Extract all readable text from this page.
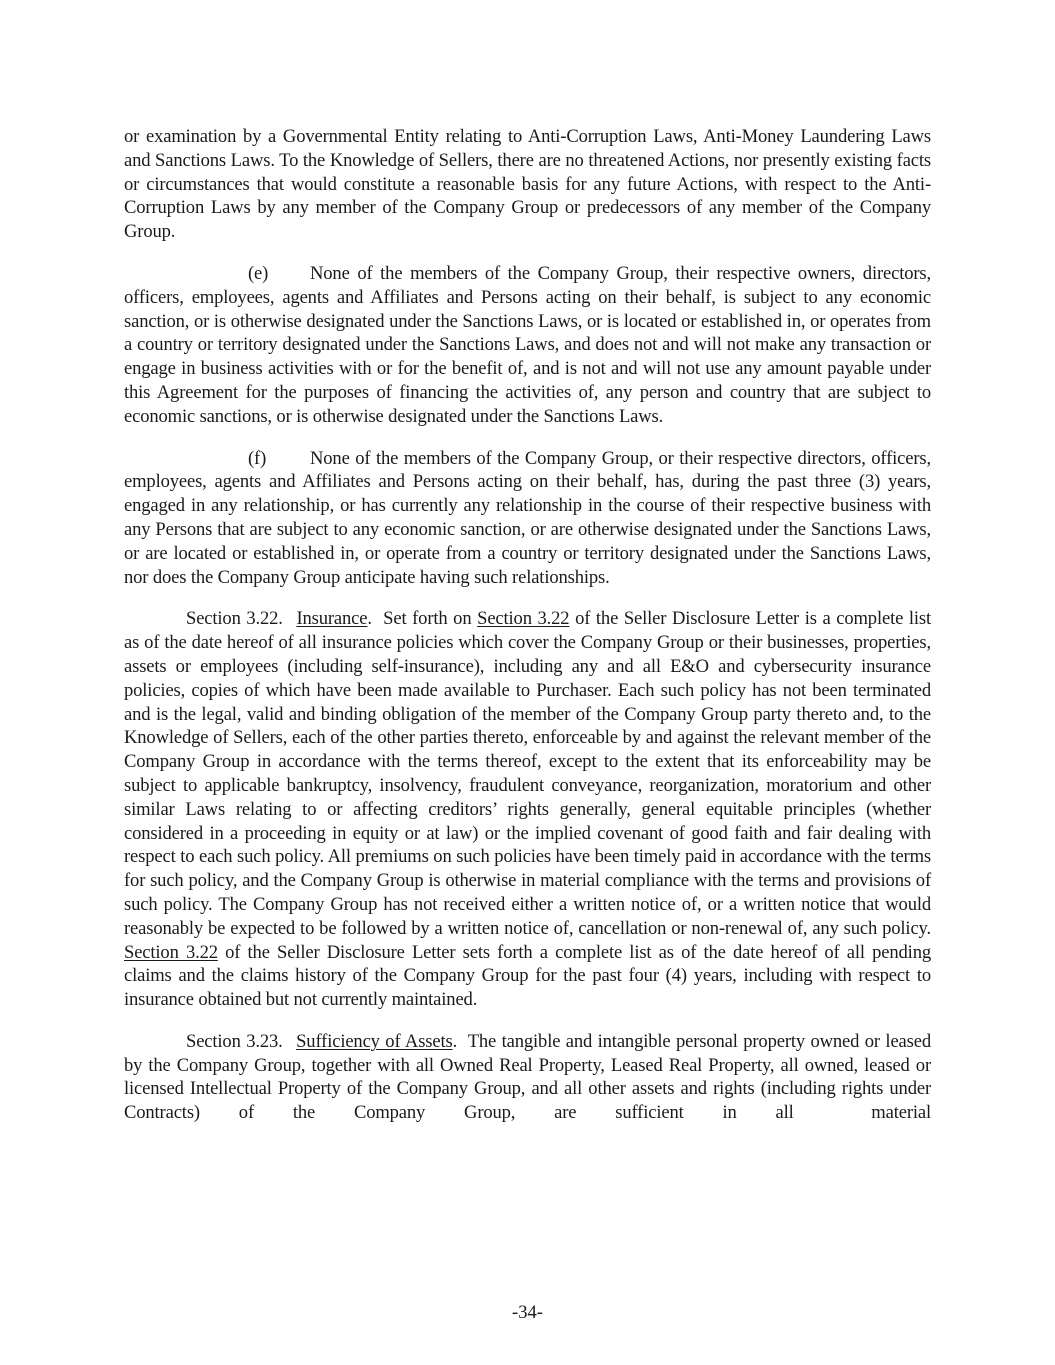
or examination by a Governmental Entity relating to Anti-Corruption Laws, Anti-Money Laundering Laws and Sanctions Laws. To the Knowledge of Sellers, there are no threatened Actions, nor presently existing facts or circumstances that would constitute a reasonable basis for any future Actions, with respect to the Anti-Corruption Laws by any member of the Company Group or predecessors of any member of the Company Group.

(e) None of the members of the Company Group, their respective owners, directors, officers, employees, agents and Affiliates and Persons acting on their behalf, is subject to any economic sanction, or is otherwise designated under the Sanctions Laws, or is located or established in, or operates from a country or territory designated under the Sanctions Laws, and does not and will not make any transaction or engage in business activities with or for the benefit of, and is not and will not use any amount payable under this Agreement for the purposes of financing the activities of, any person and country that are subject to economic sanctions, or is otherwise designated under the Sanctions Laws.

(f) None of the members of the Company Group, or their respective directors, officers, employees, agents and Affiliates and Persons acting on their behalf, has, during the past three (3) years, engaged in any relationship, or has currently any relationship in the course of their respective business with any Persons that are subject to any economic sanction, or are otherwise designated under the Sanctions Laws, or are located or established in, or operate from a country or territory designated under the Sanctions Laws, nor does the Company Group anticipate having such relationships.

Section 3.22. Insurance.  Set forth on Section 3.22 of the Seller Disclosure Letter is a complete list as of the date hereof of all insurance policies which cover the Company Group or their businesses, properties, assets or employees (including self-insurance), including any and all E&O and cybersecurity insurance policies, copies of which have been made available to Purchaser. Each such policy has not been terminated and is the legal, valid and binding obligation of the member of the Company Group party thereto and, to the Knowledge of Sellers, each of the other parties thereto, enforceable by and against the relevant member of the Company Group in accordance with the terms thereof, except to the extent that its enforceability may be subject to applicable bankruptcy, insolvency, fraudulent conveyance, reorganization, moratorium and other similar Laws relating to or affecting creditors’ rights generally, general equitable principles (whether considered in a proceeding in equity or at law) or the implied covenant of good faith and fair dealing with respect to each such policy. All premiums on such policies have been timely paid in accordance with the terms for such policy, and the Company Group is otherwise in material compliance with the terms and provisions of such policy. The Company Group has not received either a written notice of, or a written notice that would reasonably be expected to be followed by a written notice of, cancellation or non-renewal of, any such policy. Section 3.22 of the Seller Disclosure Letter sets forth a complete list as of the date hereof of all pending claims and the claims history of the Company Group for the past four (4) years, including with respect to insurance obtained but not currently maintained.

Section 3.23. Sufficiency of Assets.  The tangible and intangible personal property owned or leased by the Company Group, together with all Owned Real Property, Leased Real Property, all owned, leased or licensed Intellectual Property of the Company Group, and all other assets and rights (including rights under Contracts) of the Company Group, are sufficient in all  material

-34-
